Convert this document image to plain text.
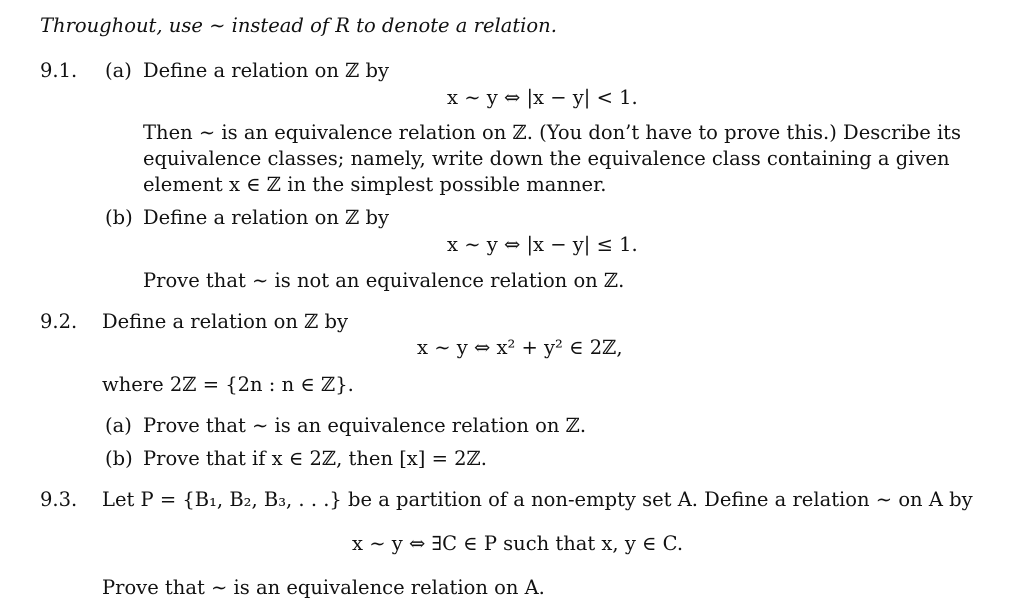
Throughout, use ∼ instead of R to denote a relation.
9.1. (a) Define a relation on ℤ by
x ∼ y ⇔ |x − y| < 1.
Then ∼ is an equivalence relation on ℤ. (You don’t have to prove this.) Describe its equivalence classes; namely, write down the equivalence class containing a given element x ∈ ℤ in the simplest possible manner.
(b) Define a relation on ℤ by
x ∼ y ⇔ |x − y| ≤ 1.
Prove that ∼ is not an equivalence relation on ℤ.
9.2. Define a relation on ℤ by
x ∼ y ⇔ x² + y² ∈ 2ℤ,
where 2ℤ = {2n : n ∈ ℤ}.
(a) Prove that ∼ is an equivalence relation on ℤ.
(b) Prove that if x ∈ 2ℤ, then [x] = 2ℤ.
9.3. Let P = {B₁, B₂, B₃, . . .} be a partition of a non-empty set A. Define a relation ∼ on A by
x ∼ y ⇔ ∃C ∈ P such that x, y ∈ C.
Prove that ∼ is an equivalence relation on A.
